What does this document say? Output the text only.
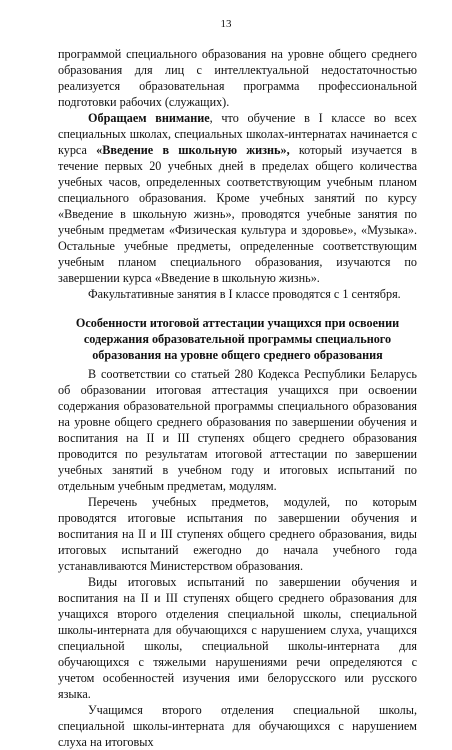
13

программой специального образования на уровне общего среднего образования для лиц с интеллектуальной недостаточностью реализуется образовательная программа профессиональной подготовки рабочих (служащих).

Обращаем внимание, что обучение в I классе во всех специальных школах, специальных школах-интернатах начинается с курса «Введение в школьную жизнь», который изучается в течение первых 20 учебных дней в пределах общего количества учебных часов, определенных соответствующим учебным планом специального образования. Кроме учебных занятий по курсу «Введение в школьную жизнь», проводятся учебные занятия по учебным предметам «Физическая культура и здоровье», «Музыка». Остальные учебные предметы, определенные соответствующим учебным планом специального образования, изучаются по завершении курса «Введение в школьную жизнь».

Факультативные занятия в I классе проводятся с 1 сентября.

Особенности итоговой аттестации учащихся при освоении содержания образовательной программы специального образования на уровне общего среднего образования

В соответствии со статьей 280 Кодекса Республики Беларусь об образовании итоговая аттестация учащихся при освоении содержания образовательной программы специального образования на уровне общего среднего образования по завершении обучения и воспитания на II и III ступенях общего среднего образования проводится по результатам итоговой аттестации по завершении учебных занятий в учебном году и итоговых испытаний по отдельным учебным предметам, модулям.

Перечень учебных предметов, модулей, по которым проводятся итоговые испытания по завершении обучения и воспитания на II и III ступенях общего среднего образования, виды итоговых испытаний ежегодно до начала учебного года устанавливаются Министерством образования.

Виды итоговых испытаний по завершении обучения и воспитания на II и III ступенях общего среднего образования для учащихся второго отделения специальной школы, специальной школы-интерната для обучающихся с нарушением слуха, учащихся специальной школы, специальной школы-интерната для обучающихся с тяжелыми нарушениями речи определяются с учетом особенностей изучения ими белорусского или русского языка.

Учащимся второго отделения специальной школы, специальной школы-интерната для обучающихся с нарушением слуха на итоговых
